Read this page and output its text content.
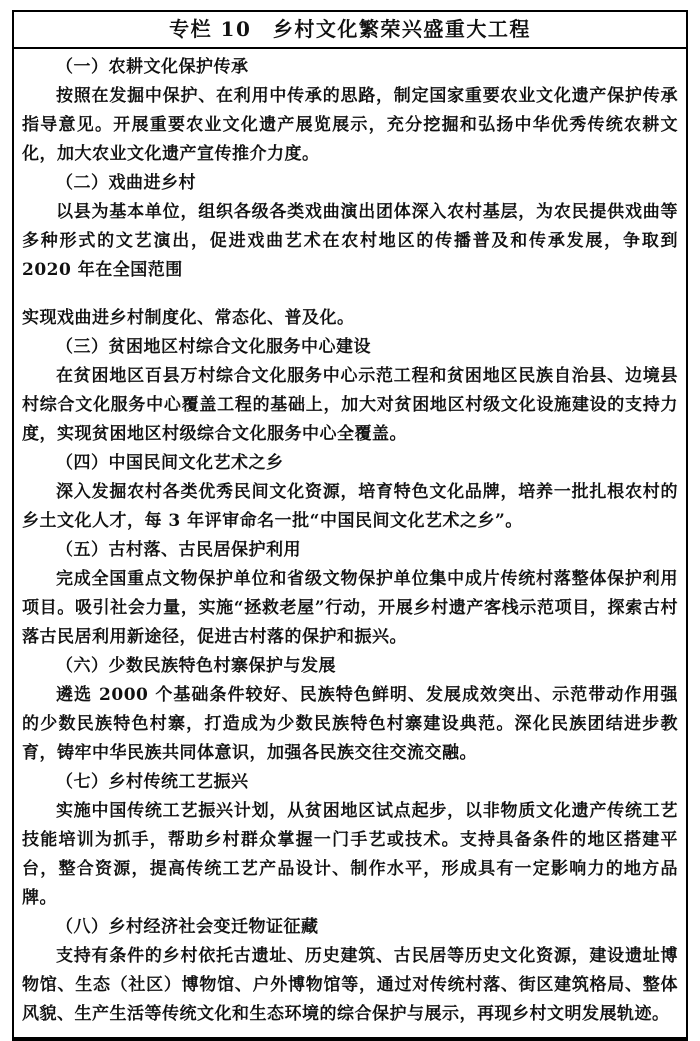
专栏 10　乡村文化繁荣兴盛重大工程
（一）农耕文化保护传承

按照在发掘中保护、在利用中传承的思路，制定国家重要农业文化遗产保护传承指导意见。开展重要农业文化遗产展览展示，充分挖掘和弘扬中华优秀传统农耕文化，加大农业文化遗产宣传推介力度。

（二）戏曲进乡村

以县为基本单位，组织各级各类戏曲演出团体深入农村基层，为农民提供戏曲等多种形式的文艺演出，促进戏曲艺术在农村地区的传播普及和传承发展，争取到 2020 年在全国范围

实现戏曲进乡村制度化、常态化、普及化。

（三）贫困地区村综合文化服务中心建设

在贫困地区百县万村综合文化服务中心示范工程和贫困地区民族自治县、边境县村综合文化服务中心覆盖工程的基础上，加大对贫困地区村级文化设施建设的支持力度，实现贫困地区村级综合文化服务中心全覆盖。

（四）中国民间文化艺术之乡

深入发掘农村各类优秀民间文化资源，培育特色文化品牌，培养一批扎根农村的乡土文化人才，每 3 年评审命名一批“中国民间文化艺术之乡”。

（五）古村落、古民居保护利用

完成全国重点文物保护单位和省级文物保护单位集中成片传统村落整体保护利用项目。吸引社会力量，实施“拯救老屋”行动，开展乡村遗产客栈示范项目，探索古村落古民居利用新途径，促进古村落的保护和振兴。

（六）少数民族特色村寨保护与发展

遴选 2000 个基础条件较好、民族特色鲜明、发展成效突出、示范带动作用强的少数民族特色村寨，打造成为少数民族特色村寨建设典范。深化民族团结进步教育，铸牢中华民族共同体意识，加强各民族交往交流交融。

（七）乡村传统工艺振兴

实施中国传统工艺振兴计划，从贫困地区试点起步，以非物质文化遗产传统工艺技能培训为抓手，帮助乡村群众掌握一门手艺或技术。支持具备条件的地区搭建平台，整合资源，提高传统工艺产品设计、制作水平，形成具有一定影响力的地方品牌。

（八）乡村经济社会变迁物证征藏

支持有条件的乡村依托古遗址、历史建筑、古民居等历史文化资源，建设遗址博物馆、生态（社区）博物馆、户外博物馆等，通过对传统村落、街区建筑格局、整体风貌、生产生活等传统文化和生态环境的综合保护与展示，再现乡村文明发展轨迹。
